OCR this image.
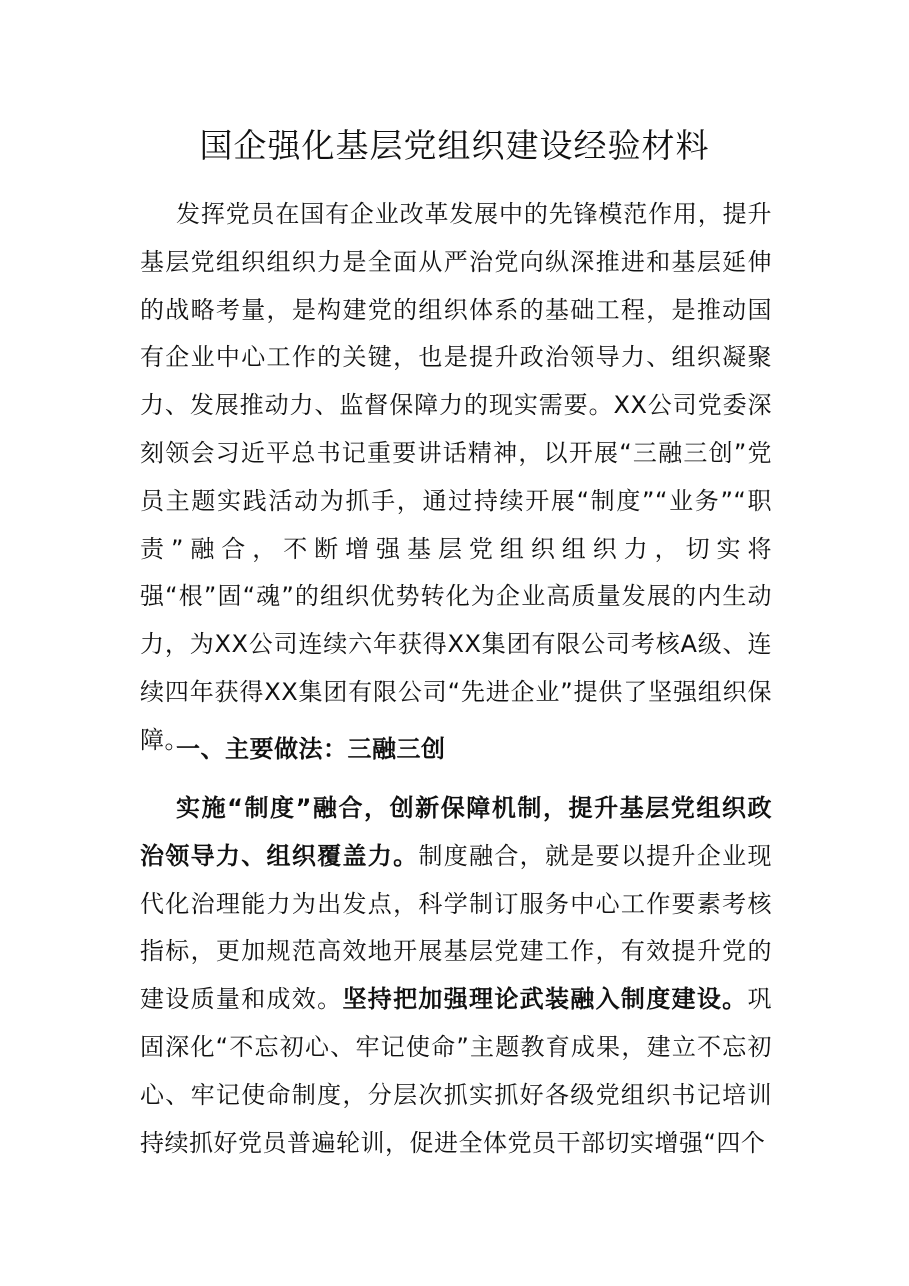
国企强化基层党组织建设经验材料

发挥党员在国有企业改革发展中的先锋模范作用，提升基层党组织组织力是全面从严治党向纵深推进和基层延伸的战略考量，是构建党的组织体系的基础工程，是推动国有企业中心工作的关键，也是提升政治领导力、组织凝聚力、发展推动力、监督保障力的现实需要。XX公司党委深刻领会习近平总书记重要讲话精神，以开展“三融三创”党员主题实践活动为抓手，通过持续开展“制度”“业务”“职责”融合，不断增强基层党组织组织力，切实将强“根”固“魂”的组织优势转化为企业高质量发展的内生动力，为XX公司连续六年获得XX集团有限公司考核A级、连续四年获得XX集团有限公司“先进企业”提供了坚强组织保障。

一、主要做法：三融三创

实施“制度”融合，创新保障机制，提升基层党组织政治领导力、组织覆盖力。制度融合，就是要以提升企业现代化治理能力为出发点，科学制订服务中心工作要素考核指标，更加规范高效地开展基层党建工作，有效提升党的建设质量和成效。坚持把加强理论武装融入制度建设。巩固深化“不忘初心、牢记使命”主题教育成果，建立不忘初心、牢记使命制度，分层次抓实抓好各级党组织书记培训持续抓好党员普遍轮训，促进全体党员干部切实增强“四个
